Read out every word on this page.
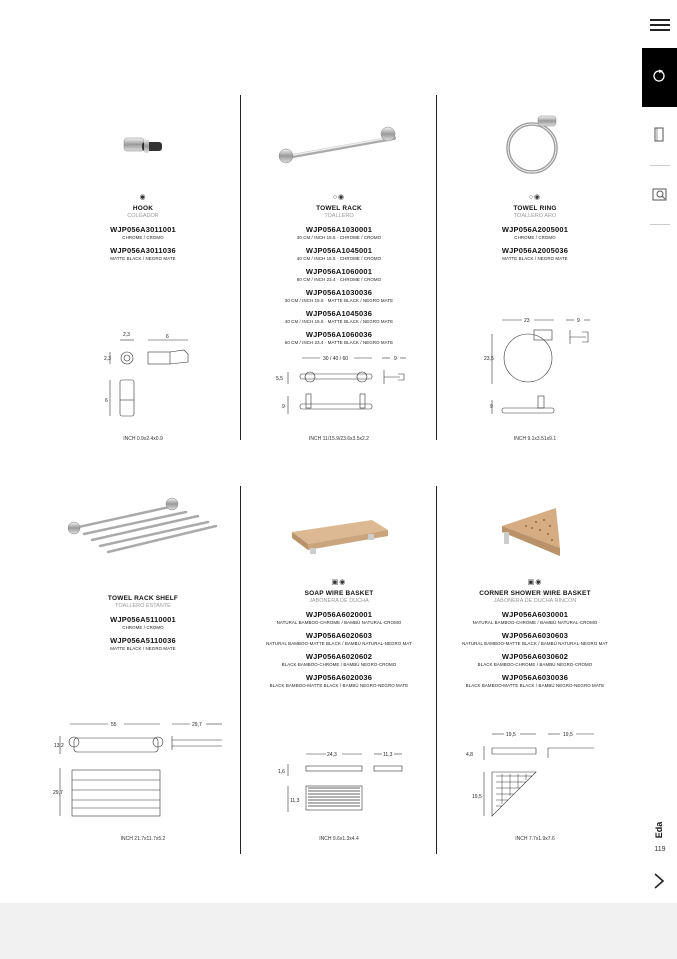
◉
HOOK
COLGADOR
WJP056A3011001
CHROME / CROMO
WJP056A3011036
MATTE BLACK / NEGRO MATE
2,3	6
2,3
6
INCH 0.9x2.4x0.9
○◉
TOWEL RACK
TOALLERO
WJP056A1030001
30 CM / INCH 15.5 · CHROME / CROMO
WJP056A1045001
40 CM / INCH 15.5 · CHROME / CROMO
WJP056A1060001
60 CM / INCH 23.4 · CHROME / CROMO
WJP056A1030036
30 CM / INCH 15.5 · MATTE BLACK / NEGRO MATE
WJP056A1045036
40 CM / INCH 15.5 · MATTE BLACK / NEGRO MATE
WJP056A1060036
60 CM / INCH 23.4 · MATTE BLACK / NEGRO MATE
30 / 40 / 60	9
5,5
9
INCH 11/15.9/23.6x3.5x2.2
○◉
TOWEL RING
TOALLERO ARO
WJP056A2005001
CHROME / CROMO
WJP056A2005036
MATTE BLACK / NEGRO MATE
23	9
23,5
9
INCH 9.1x3.51x9.1
TOWEL RACK SHELF
TOALLERO ESTANTE
WJP056A5110001
CHROME / CROMO
WJP056A5110036
MATTE BLACK / NEGRO MATE
55	29,7
13,2
29,7
INCH 21.7x11.7x5.2
▣◉
SOAP WIRE BASKET
JABONERA DE DUCHA
WJP056A6020001
NATURAL BAMBOO-CHROME / BAMBÚ NATURAL-CROMO
WJP056A6020603
NATURAL BAMBOO-MATTE BLACK / BAMBÚ NATURAL-NEGRO MAT
WJP056A6020602
BLACK BAMBOO-CHROME / BAMBÚ NEGRO-CROMO
WJP056A6020036
BLACK BAMBOO-MATTE BLACK / BAMBÚ NEGRO-NEGRO MATE
24,3	11,3
1,6
11,3
INCH 9.6x1.3x4.4
▣◉
CORNER SHOWER WIRE BASKET
JABONERA DE DUCHA RINCON
WJP056A6030001
NATURAL BAMBOO-CHROME / BAMBÚ NATURAL-CROMO
WJP056A6030603
NATURAL BAMBOO-MATTE BLACK / BAMBÚ NATURAL-NEGRO MAT
WJP056A6030602
BLACK BAMBOO-CHROME / BAMBÚ NEGRO-CROMO
WJP056A6030036
BLACK BAMBOO-MATTE BLACK / BAMBÚ NEGRO-NEGRO MATE
19,5	19,5
4,8
19,5
INCH 7.7x1.9x7.6
Eda
119
